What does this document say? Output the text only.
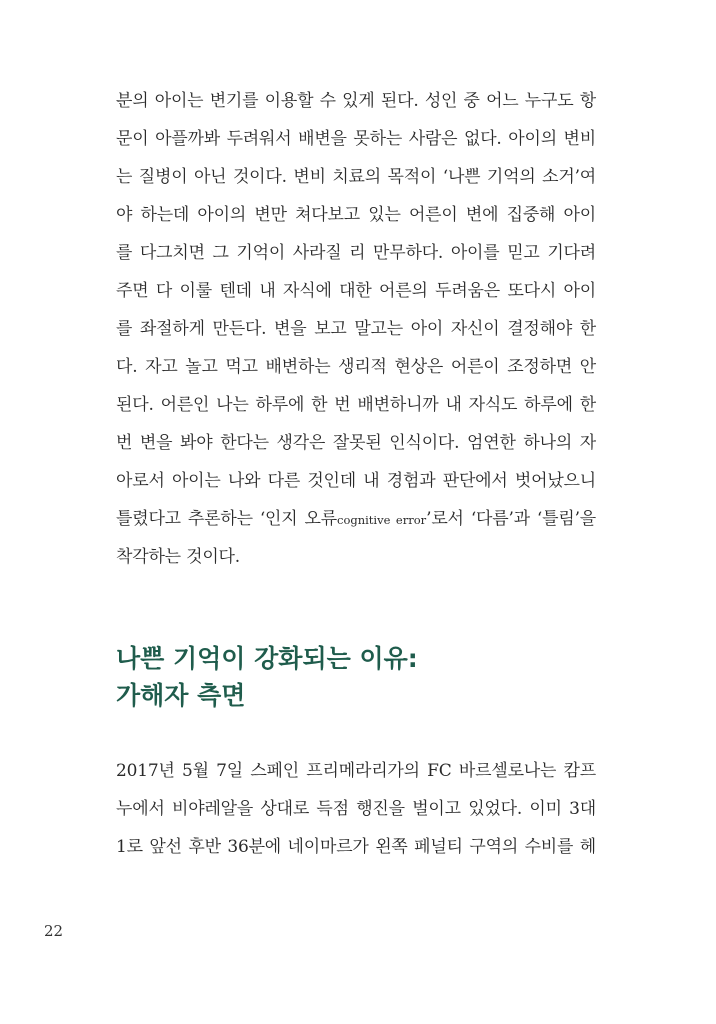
분의 아이는 변기를 이용할 수 있게 된다. 성인 중 어느 누구도 항
문이 아플까봐 두려워서 배변을 못하는 사람은 없다. 아이의 변비
는 질병이 아닌 것이다. 변비 치료의 목적이 ‘나쁜 기억의 소거’여
야 하는데 아이의 변만 쳐다보고 있는 어른이 변에 집중해 아이
를 다그치면 그 기억이 사라질 리 만무하다. 아이를 믿고 기다려
주면 다 이룰 텐데 내 자식에 대한 어른의 두려움은 또다시 아이
를 좌절하게 만든다. 변을 보고 말고는 아이 자신이 결정해야 한
다. 자고 놀고 먹고 배변하는 생리적 현상은 어른이 조정하면 안
된다. 어른인 나는 하루에 한 번 배변하니까 내 자식도 하루에 한
번 변을 봐야 한다는 생각은 잘못된 인식이다. 엄연한 하나의 자
아로서 아이는 나와 다른 것인데 내 경험과 판단에서 벗어났으니
틀렸다고 추론하는 ‘인지 오류cognitive error’로서 ‘다름’과 ‘틀림’을
착각하는 것이다.
나쁜 기억이 강화되는 이유:
가해자 측면
2017년 5월 7일 스페인 프리메라리가의 FC 바르셀로나는 캄프
누에서 비야레알을 상대로 득점 행진을 벌이고 있었다. 이미 3대
1로 앞선 후반 36분에 네이마르가 왼쪽 페널티 구역의 수비를 헤

22
